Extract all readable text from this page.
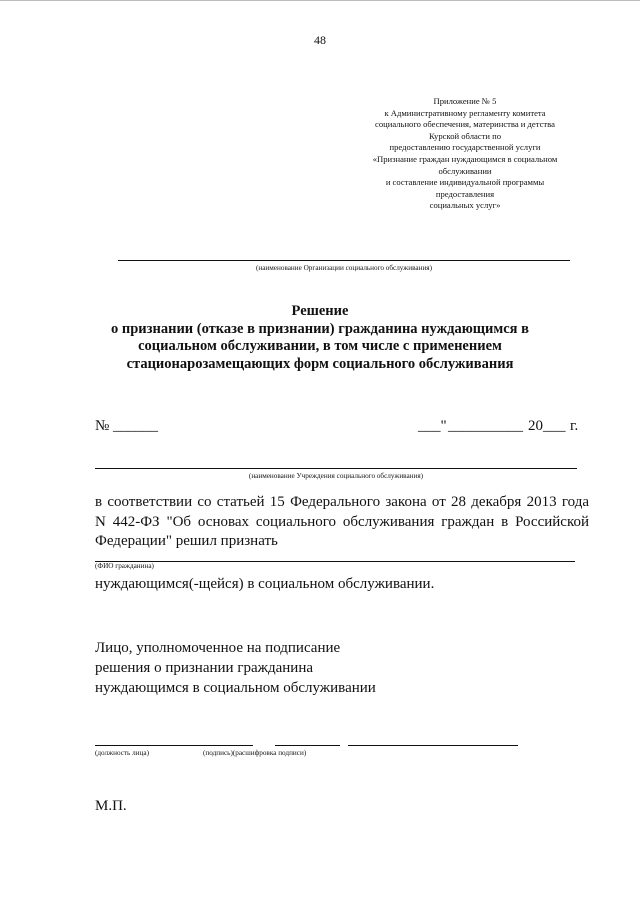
48
Приложение № 5
к Административному регламенту комитета
социального обеспечения, материнства и детства
Курской области по
предоставлению государственной услуги
«Признание граждан нуждающимся в социальном
обслуживании
и составление индивидуальной программы
предоставления
социальных услуг»
(наименование Организации социального обслуживания)
Решение
о признании (отказе в признании) гражданина нуждающимся в
социальном обслуживании, в том числе с применением
стационарозамещающих форм социального обслуживания
№ ______	___" __________ 20___ г.
(наименование Учреждения социального обслуживания)
в соответствии со статьей 15 Федерального закона от 28 декабря 2013 года
N 442-ФЗ "Об основах социального обслуживания граждан в Российской
Федерации" решил признать
(ФИО гражданина)
нуждающимся(-щейся) в социальном обслуживании.
Лицо, уполномоченное на подписание
решения о признании гражданина
нуждающимся в социальном обслуживании
(должность лица)	(подпись)(расшифровка подписи)
М.П.
